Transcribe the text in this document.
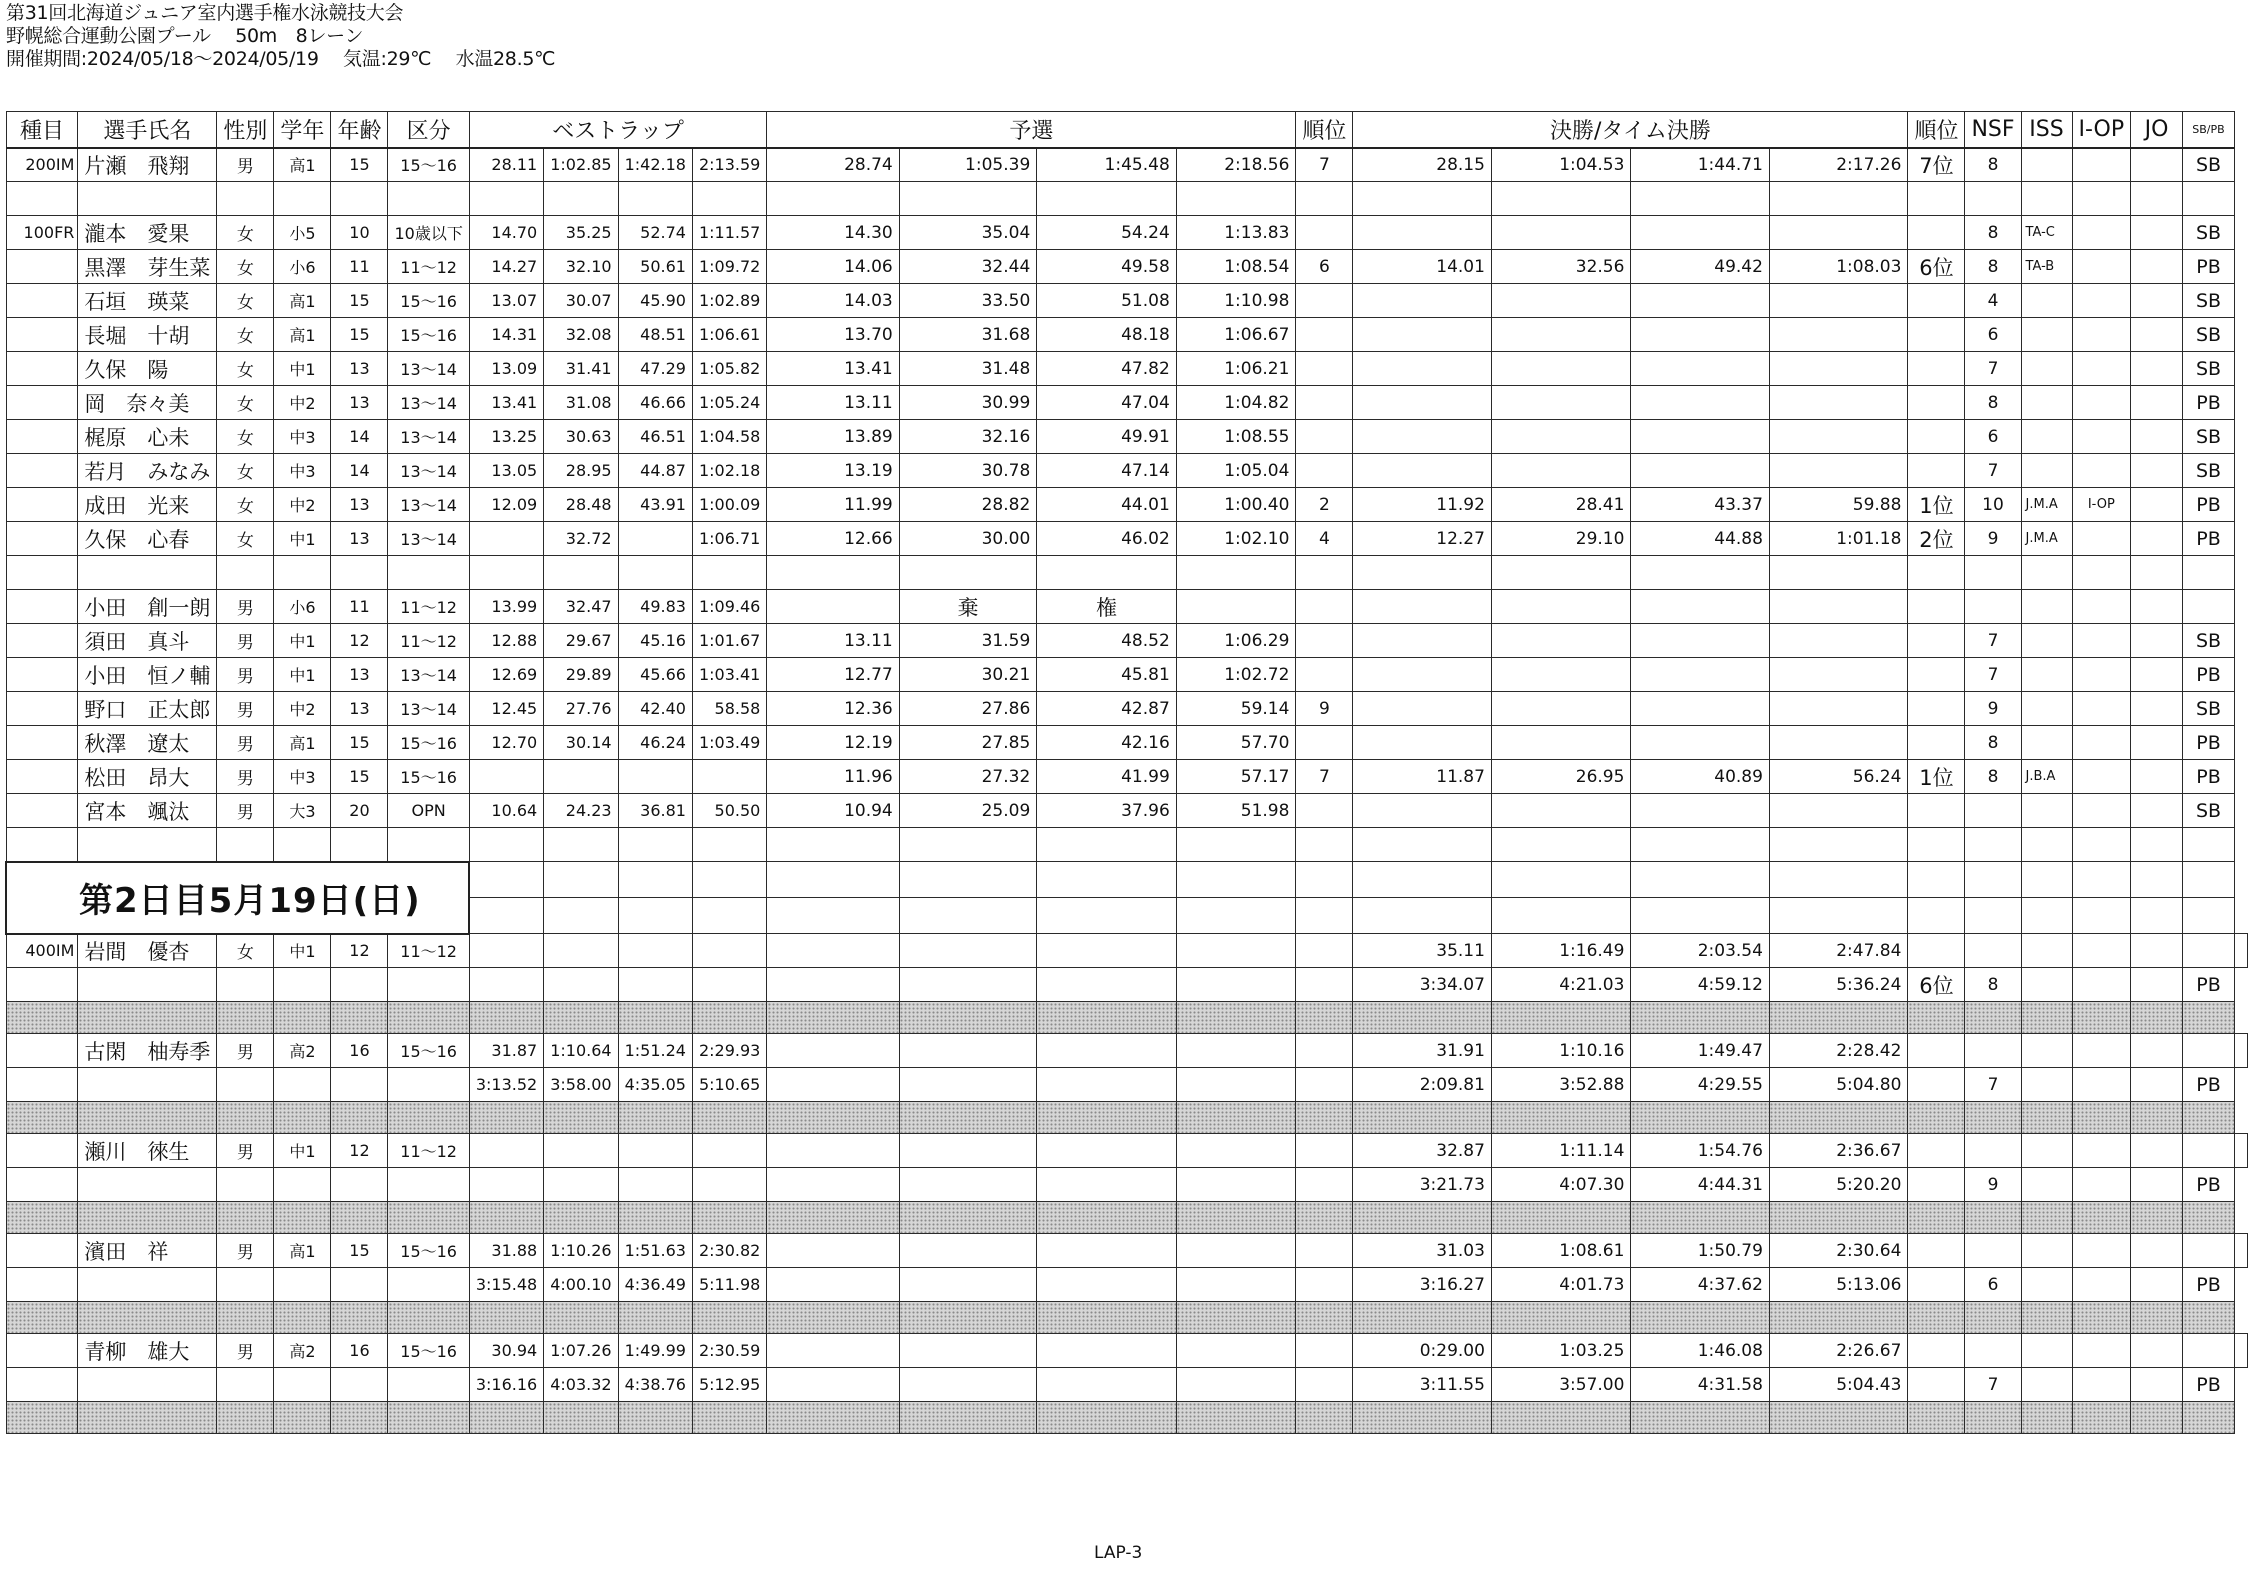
第31回北海道ジュニア室内選手権水泳競技大会
野幌総合運動公園プール　 50m　8レーン
開催期間:2024/05/18～2024/05/19　 気温:29℃　 水温28.5℃
種目	選手氏名	性別	学年	年齢	区分	ベストラップ				予選				順位	決勝/タイム決勝				順位	NSF	ISS	I-OP	JO	SB/PB	
200IM	片瀬　飛翔	男	高1	15	15～16	28.11	1:02.85	1:42.18	2:13.59	28.74	1:05.39	1:45.48	2:18.56	7	28.15	1:04.53	1:44.71	2:17.26	7位	8				SB	

100FR	瀧本　愛果	女	小5	10	10歳以下	14.70	35.25	52.74	1:11.57	14.30	35.04	54.24	1:13.83							8	TA-C			SB	
	黒澤　芽生菜	女	小6	11	11～12	14.27	32.10	50.61	1:09.72	14.06	32.44	49.58	1:08.54	6	14.01	32.56	49.42	1:08.03	6位	8	TA-B			PB	
	石垣　瑛菜	女	高1	15	15～16	13.07	30.07	45.90	1:02.89	14.03	33.50	51.08	1:10.98							4				SB	
	長堀　十胡	女	高1	15	15～16	14.31	32.08	48.51	1:06.61	13.70	31.68	48.18	1:06.67							6				SB	
	久保　陽	女	中1	13	13～14	13.09	31.41	47.29	1:05.82	13.41	31.48	47.82	1:06.21							7				SB	
	岡　奈々美	女	中2	13	13～14	13.41	31.08	46.66	1:05.24	13.11	30.99	47.04	1:04.82							8				PB	
	梶原　心未	女	中3	14	13～14	13.25	30.63	46.51	1:04.58	13.89	32.16	49.91	1:08.55							6				SB	
	若月　みなみ	女	中3	14	13～14	13.05	28.95	44.87	1:02.18	13.19	30.78	47.14	1:05.04							7				SB	
	成田　光来	女	中2	13	13～14	12.09	28.48	43.91	1:00.09	11.99	28.82	44.01	1:00.40	2	11.92	28.41	43.37	59.88	1位	10	J.M.A	I-OP		PB	
	久保　心春	女	中1	13	13～14		32.72		1:06.71	12.66	30.00	46.02	1:02.10	4	12.27	29.10	44.88	1:01.18	2位	9	J.M.A			PB	

	小田　創一朗	男	小6	11	11～12	13.99	32.47	49.83	1:09.46		棄	権													
	須田　真斗	男	中1	12	11～12	12.88	29.67	45.16	1:01.67	13.11	31.59	48.52	1:06.29							7				SB	
	小田　恒ノ輔	男	中1	13	13～14	12.69	29.89	45.66	1:03.41	12.77	30.21	45.81	1:02.72							7				PB	
	野口　正太郎	男	中2	13	13～14	12.45	27.76	42.40	58.58	12.36	27.86	42.87	59.14	9						9				SB	
	秋澤　遼太	男	高1	15	15～16	12.70	30.14	46.24	1:03.49	12.19	27.85	42.16	57.70							8				PB	
	松田　昂大	男	中3	15	15～16					11.96	27.32	41.99	57.17	7	11.87	26.95	40.89	56.24	1位	8	J.B.A			PB	
	宮本　颯汰	男	大3	20	OPN	10.64	24.23	36.81	50.50	10.94	25.09	37.96	51.98											SB	

第2日目5月19日(日)																									

400IM	岩間　優杏	女	中1	12	11～12										35.11	1:16.49	2:03.54	2:47.84							
															3:34.07	4:21.03	4:59.12	5:36.24	6位	8				PB	

	古閑　柚寿季	男	高2	16	15～16	31.87	1:10.64	1:51.24	2:29.93						31.91	1:10.16	1:49.47	2:28.42							
						3:13.52	3:58.00	4:35.05	5:10.65						2:09.81	3:52.88	4:29.55	5:04.80		7				PB	

	瀬川　徠生	男	中1	12	11～12										32.87	1:11.14	1:54.76	2:36.67							
															3:21.73	4:07.30	4:44.31	5:20.20		9				PB	

	濱田　祥	男	高1	15	15～16	31.88	1:10.26	1:51.63	2:30.82						31.03	1:08.61	1:50.79	2:30.64							
						3:15.48	4:00.10	4:36.49	5:11.98						3:16.27	4:01.73	4:37.62	5:13.06		6				PB	

	青柳　雄大	男	高2	16	15～16	30.94	1:07.26	1:49.99	2:30.59						0:29.00	1:03.25	1:46.08	2:26.67							
						3:16.16	4:03.32	4:38.76	5:12.95						3:11.55	3:57.00	4:31.58	5:04.43		7				PB	

LAP-3
